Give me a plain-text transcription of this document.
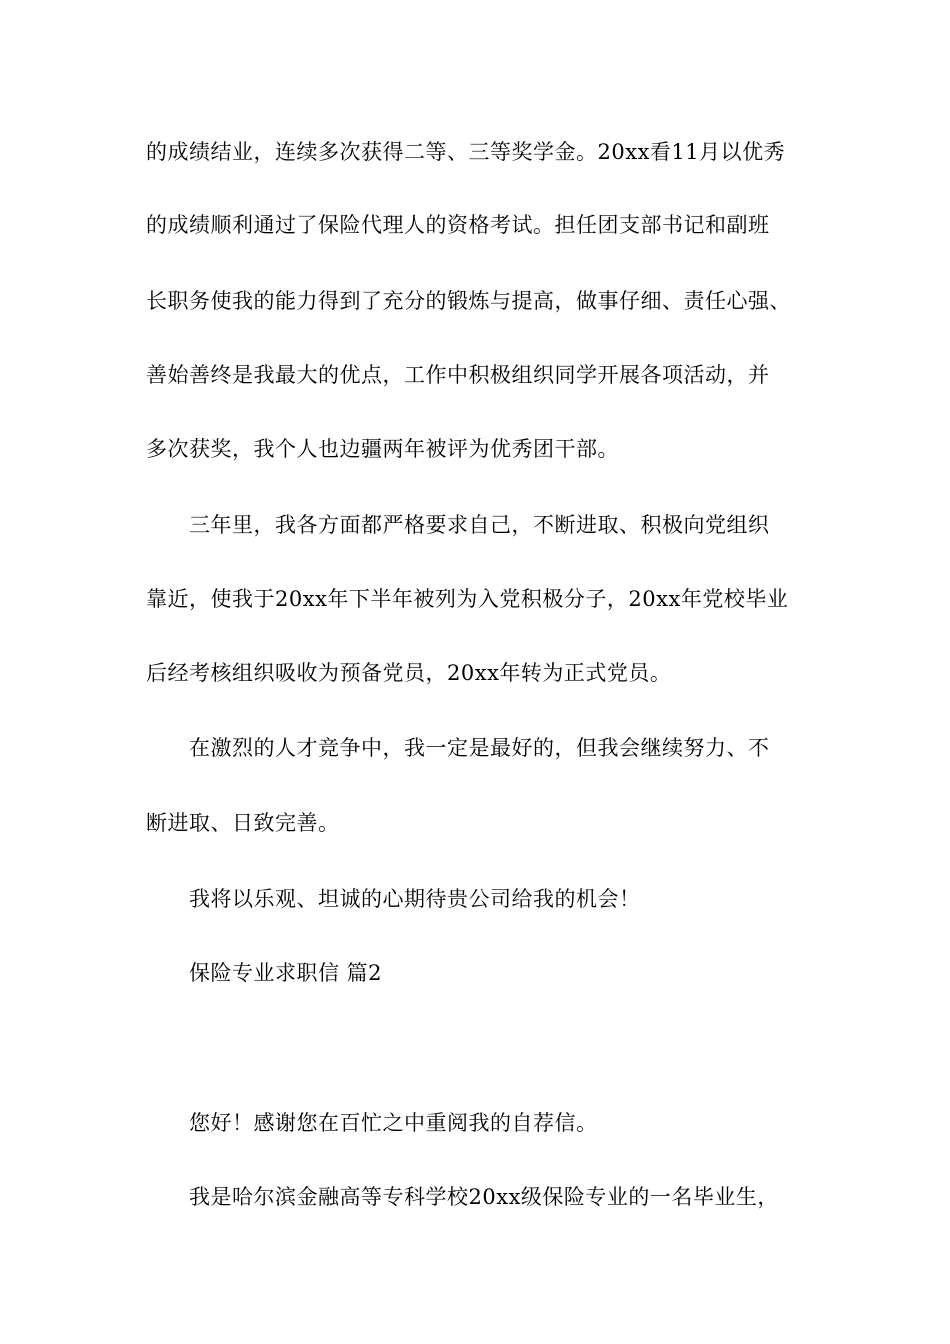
的成绩结业，连续多次获得二等、三等奖学金。20xx看11月以优秀
的成绩顺利通过了保险代理人的资格考试。担任团支部书记和副班
长职务使我的能力得到了充分的锻炼与提高，做事仔细、责任心强、
善始善终是我最大的优点，工作中积极组织同学开展各项活动，并
多次获奖，我个人也边疆两年被评为优秀团干部。
三年里，我各方面都严格要求自己，不断进取、积极向党组织
靠近，使我于20xx年下半年被列为入党积极分子，20xx年党校毕业
后经考核组织吸收为预备党员，20xx年转为正式党员。
在激烈的人才竞争中，我一定是最好的，但我会继续努力、不
断进取、日致完善。
我将以乐观、坦诚的心期待贵公司给我的机会！
保险专业求职信 篇2
您好！感谢您在百忙之中重阅我的自荐信。
我是哈尔滨金融高等专科学校20xx级保险专业的一名毕业生，
